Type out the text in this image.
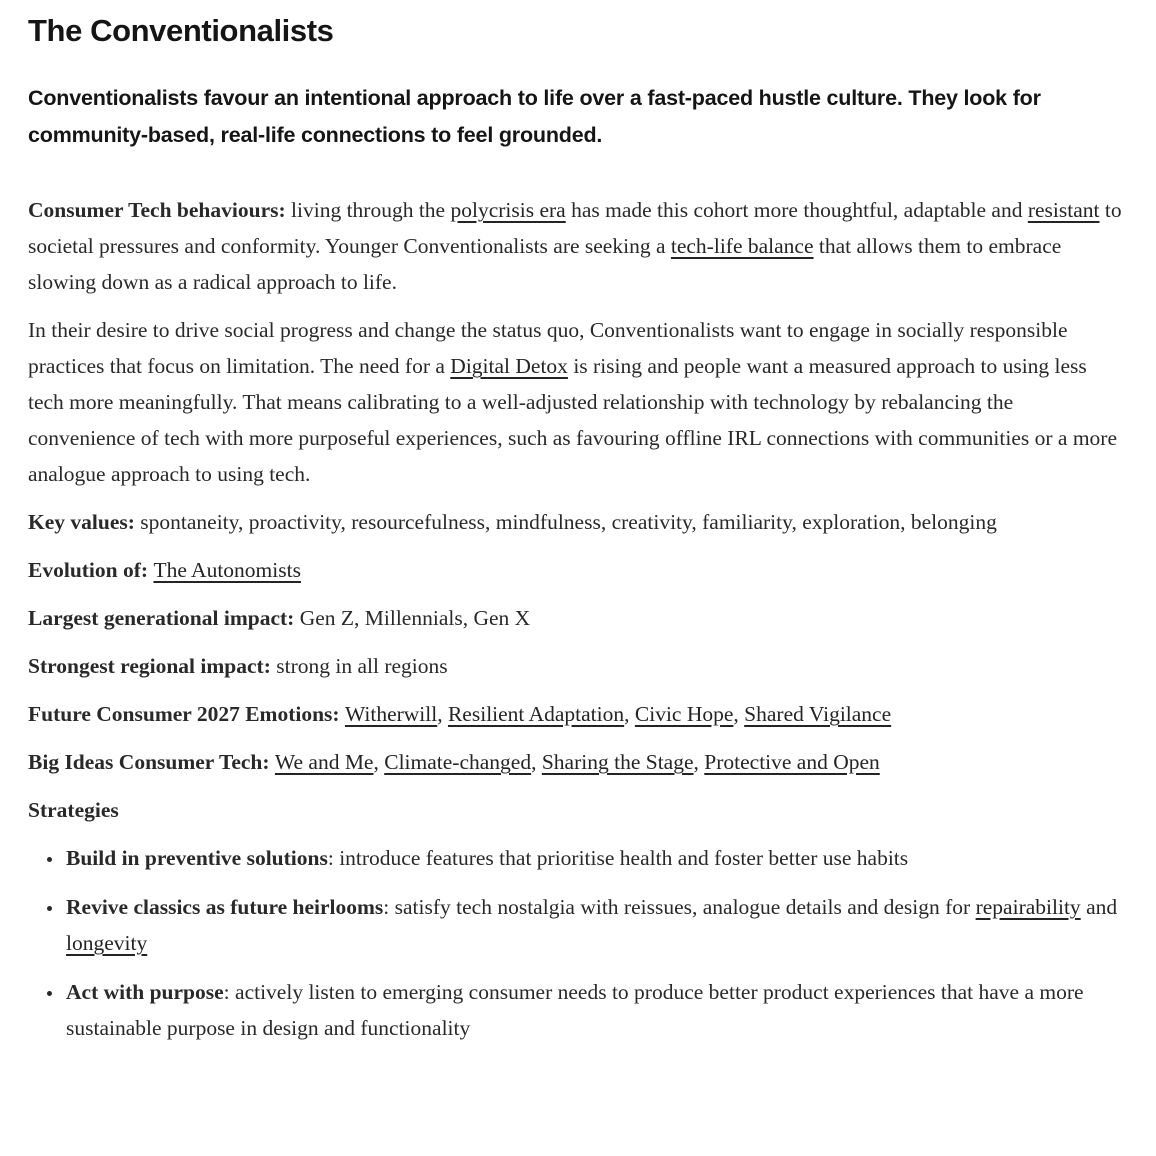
The Conventionalists

Conventionalists favour an intentional approach to life over a fast-paced hustle culture. They look for community-based, real-life connections to feel grounded.

Consumer Tech behaviours: living through the polycrisis era has made this cohort more thoughtful, adaptable and resistant to societal pressures and conformity. Younger Conventionalists are seeking a tech-life balance that allows them to embrace slowing down as a radical approach to life.

In their desire to drive social progress and change the status quo, Conventionalists want to engage in socially responsible practices that focus on limitation. The need for a Digital Detox is rising and people want a measured approach to using less tech more meaningfully. That means calibrating to a well-adjusted relationship with technology by rebalancing the convenience of tech with more purposeful experiences, such as favouring offline IRL connections with communities or a more analogue approach to using tech.

Key values: spontaneity, proactivity, resourcefulness, mindfulness, creativity, familiarity, exploration, belonging

Evolution of: The Autonomists

Largest generational impact: Gen Z, Millennials, Gen X

Strongest regional impact: strong in all regions

Future Consumer 2027 Emotions: Witherwill, Resilient Adaptation, Civic Hope, Shared Vigilance

Big Ideas Consumer Tech: We and Me, Climate-changed, Sharing the Stage, Protective and Open

Strategies

• Build in preventive solutions: introduce features that prioritise health and foster better use habits
• Revive classics as future heirlooms: satisfy tech nostalgia with reissues, analogue details and design for repairability and longevity
• Act with purpose: actively listen to emerging consumer needs to produce better product experiences that have a more sustainable purpose in design and functionality
